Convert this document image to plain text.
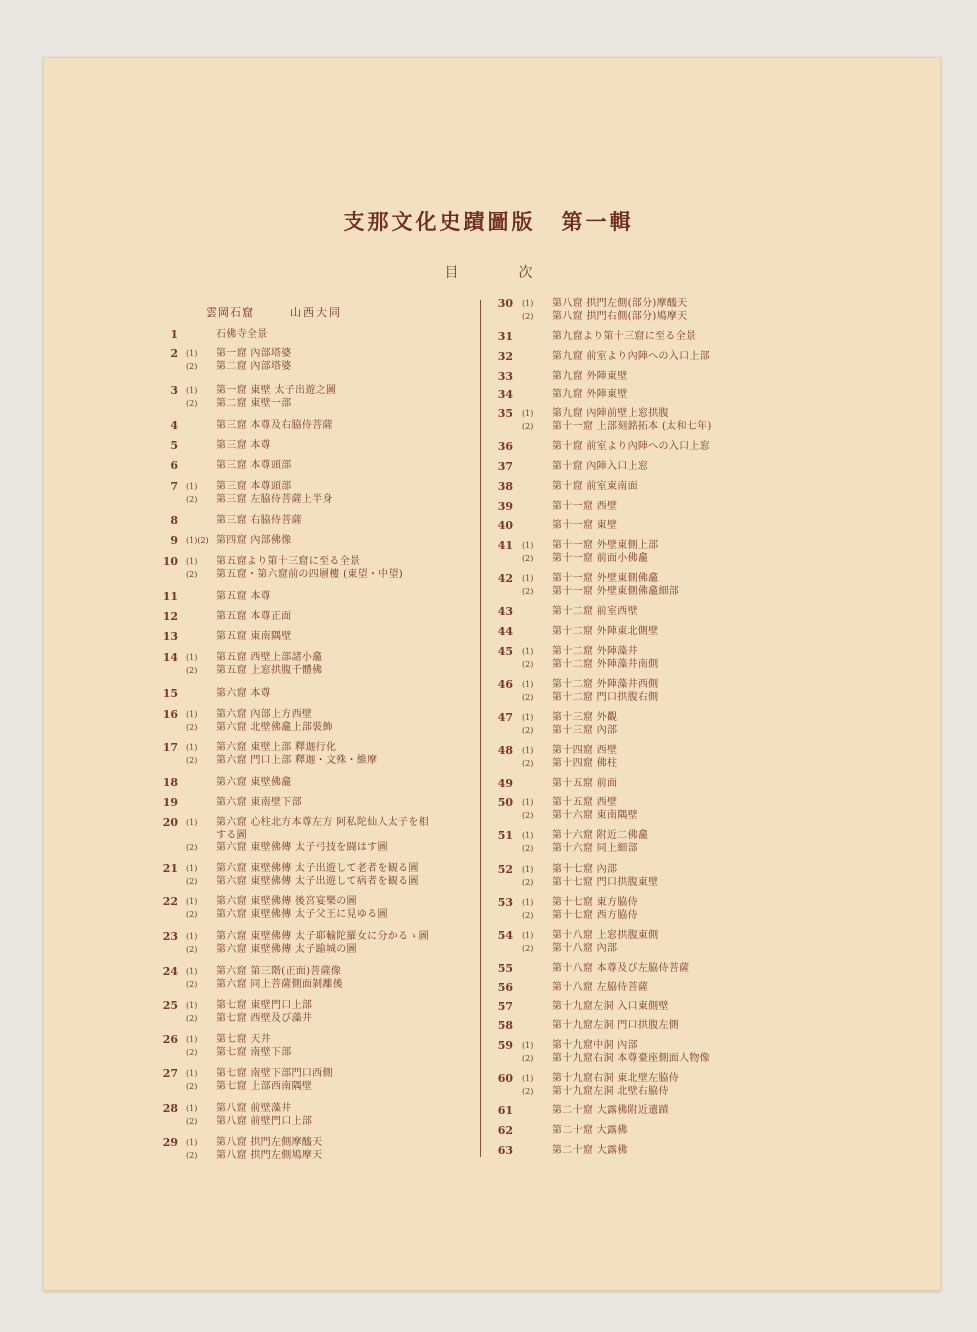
支那文化史蹟圖版 第一輯
目	次
雲岡石窟	山西大同
1	石佛寺全景
2 (1) 第一窟 內部塔婆
(2) 第二窟 內部塔婆
3 (1) 第一窟 東壁 太子出遊之圖
(2) 第二窟 東壁一部
4	第三窟 本尊及右脇侍菩薩
5	第三窟 本尊
6	第三窟 本尊頭部
7 (1) 第三窟 本尊頭部
(2) 第三窟 左脇侍菩薩上半身
8	第三窟 右脇侍菩薩
9 (1)(2) 第四窟 內部佛像
10 (1) 第五窟より第十三窟に至る全景
(2) 第五窟・第六窟前の四層樓 (東望・中望)
11	第五窟 本尊
12	第五窟 本尊正面
13	第五窟 東南隅壁
14 (1) 第五窟 西壁上部諸小龕
(2) 第五窟 上窓拱腹千體佛
15	第六窟 本尊
16 (1) 第六窟 內部上方西壁
(2) 第六窟 北壁佛龕上部裝飾
17 (1) 第六窟 東壁上部 釋迦行化
(2) 第六窟 門口上部 釋迦・文殊・維摩
18	第六窟 東壁佛龕
19	第六窟 東南壁下部
20 (1) 第六窟 心柱北方本尊左方 阿私陀仙人太子を相
する圖
(2) 第六窟 東壁佛傳 太子弓技を闘はす圖
21 (1) 第六窟 東壁佛傳 太子出遊して老者を観る圖
(2) 第六窟 東壁佛傳 太子出遊して病者を観る圖
22 (1) 第六窟 東壁佛傳 後宮宴樂の圖
(2) 第六窟 東壁佛傳 太子父王に見ゆる圖
23 (1) 第六窟 東壁佛傳 太子耶輸陀羅女に分かるゝ圖
(2) 第六窟 東壁佛傳 太子踰城の圖
24 (1) 第六窟 第三階(正面)菩薩像
(2) 第六窟 同上菩薩側面剝離後
25 (1) 第七窟 東壁門口上部
(2) 第七窟 西壁及び藻井
26 (1) 第七窟 天井
(2) 第七窟 南壁下部
27 (1) 第七窟 南壁下部門口西側
(2) 第七窟 上部西南隅壁
28 (1) 第八窟 前壁藻井
(2) 第八窟 前壁門口上部
29 (1) 第八窟 拱門左側摩醯天
(2) 第八窟 拱門左側鳩摩天
30 (1) 第八窟 拱門左側(部分)摩醯天
(2) 第八窟 拱門右側(部分)鳩摩天
31	第九窟より第十三窟に至る全景
32	第九窟 前室より內陣への入口上部
33	第九窟 外陣東壁
34	第九窟 外陣東壁
35 (1) 第九窟 內陣前壁上窓拱腹
(2) 第十一窟 上部刻銘拓本 (太和七年)
36	第十窟 前室より內陣への入口上窓
37	第十窟 內陣入口上窓
38	第十窟 前室東南面
39	第十一窟 西壁
40	第十一窟 東壁
41 (1) 第十一窟 外壁東側上部
(2) 第十一窟 前面小佛龕
42 (1) 第十一窟 外壁東側佛龕
(2) 第十一窟 外壁東側佛龕細部
43	第十二窟 前室西壁
44	第十二窟 外陣東北側壁
45 (1) 第十二窟 外陣藻井
(2) 第十二窟 外陣藻井南側
46 (1) 第十二窟 外陣藻井西側
(2) 第十二窟 門口拱腹右側
47 (1) 第十三窟 外觀
(2) 第十三窟 內部
48 (1) 第十四窟 西壁
(2) 第十四窟 佛柱
49	第十五窟 前面
50 (1) 第十五窟 西壁
(2) 第十六窟 東南隅壁
51 (1) 第十六窟 附近二佛龕
(2) 第十六窟 同上細部
52 (1) 第十七窟 內部
(2) 第十七窟 門口拱腹東壁
53 (1) 第十七窟 東方脇侍
(2) 第十七窟 西方脇侍
54 (1) 第十八窟 上窓拱腹東側
(2) 第十八窟 內部
55	第十八窟 本尊及び左脇侍菩薩
56	第十八窟 左脇侍菩薩
57	第十九窟左洞 入口東側壁
58	第十九窟左洞 門口拱腹左側
59 (1) 第十九窟中洞 內部
(2) 第十九窟右洞 本尊臺座側面人物像
60 (1) 第十九窟右洞 東北壁左脇侍
(2) 第十九窟左洞 北壁右脇侍
61	第二十窟 大露佛附近遺蹟
62	第二十窟 大露佛
63	第二十窟 大露佛
